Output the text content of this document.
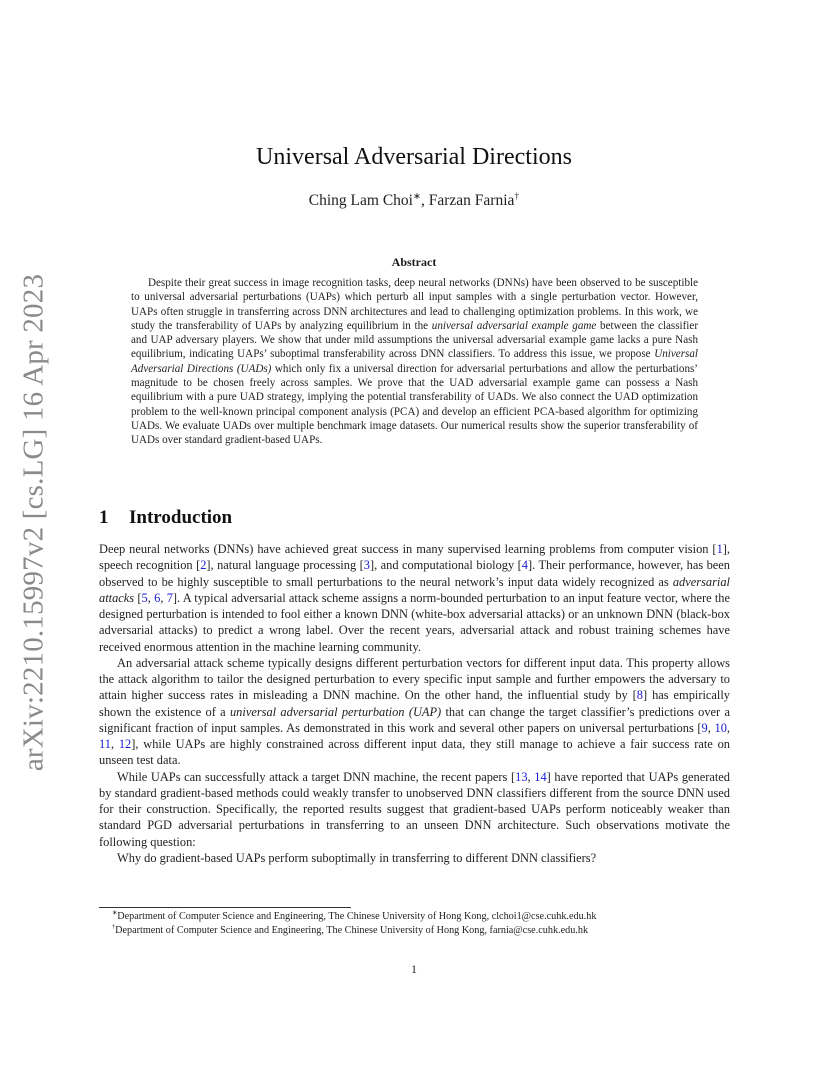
arXiv:2210.15997v2 [cs.LG] 16 Apr 2023
Universal Adversarial Directions
Ching Lam Choi∗, Farzan Farnia†
Abstract
Despite their great success in image recognition tasks, deep neural networks (DNNs) have been observed to be susceptible to universal adversarial perturbations (UAPs) which perturb all input samples with a single perturbation vector. However, UAPs often struggle in transferring across DNN architectures and lead to challenging optimization problems. In this work, we study the transferability of UAPs by analyzing equilibrium in the universal adversarial example game between the classifier and UAP adversary players. We show that under mild assumptions the universal adversarial example game lacks a pure Nash equilibrium, indicating UAPs’ suboptimal transferability across DNN classifiers. To address this issue, we propose Universal Adversarial Directions (UADs) which only fix a universal direction for adversarial perturbations and allow the perturbations’ magnitude to be chosen freely across samples. We prove that the UAD adversarial example game can possess a Nash equilibrium with a pure UAD strategy, implying the potential transferability of UADs. We also connect the UAD optimization problem to the well-known principal component analysis (PCA) and develop an efficient PCA-based algorithm for optimizing UADs. We evaluate UADs over multiple benchmark image datasets. Our numerical results show the superior transferability of UADs over standard gradient-based UAPs.
1 Introduction

Deep neural networks (DNNs) have achieved great success in many supervised learning problems from computer vision [1], speech recognition [2], natural language processing [3], and computational biology [4]. Their performance, however, has been observed to be highly susceptible to small perturbations to the neural network’s input data widely recognized as adversarial attacks [5, 6, 7]. A typical adversarial attack scheme assigns a norm-bounded perturbation to an input feature vector, where the designed perturbation is intended to fool either a known DNN (white-box adversarial attacks) or an unknown DNN (black-box adversarial attacks) to predict a wrong label. Over the recent years, adversarial attack and robust training schemes have received enormous attention in the machine learning community.

An adversarial attack scheme typically designs different perturbation vectors for different input data. This property allows the attack algorithm to tailor the designed perturbation to every specific input sample and further empowers the adversary to attain higher success rates in misleading a DNN machine. On the other hand, the influential study by [8] has empirically shown the existence of a universal adversarial perturbation (UAP) that can change the target classifier’s predictions over a significant fraction of input samples. As demonstrated in this work and several other papers on universal perturbations [9, 10, 11, 12], while UAPs are highly constrained across different input data, they still manage to achieve a fair success rate on unseen test data.

While UAPs can successfully attack a target DNN machine, the recent papers [13, 14] have reported that UAPs generated by standard gradient-based methods could weakly transfer to unobserved DNN classifiers different from the source DNN used for their construction. Specifically, the reported results suggest that gradient-based UAPs perform noticeably weaker than standard PGD adversarial perturbations in transferring to an unseen DNN architecture. Such observations motivate the following question:

Why do gradient-based UAPs perform suboptimally in transferring to different DNN classifiers?

∗Department of Computer Science and Engineering, The Chinese University of Hong Kong, clchoi1@cse.cuhk.edu.hk
†Department of Computer Science and Engineering, The Chinese University of Hong Kong, farnia@cse.cuhk.edu.hk
1
